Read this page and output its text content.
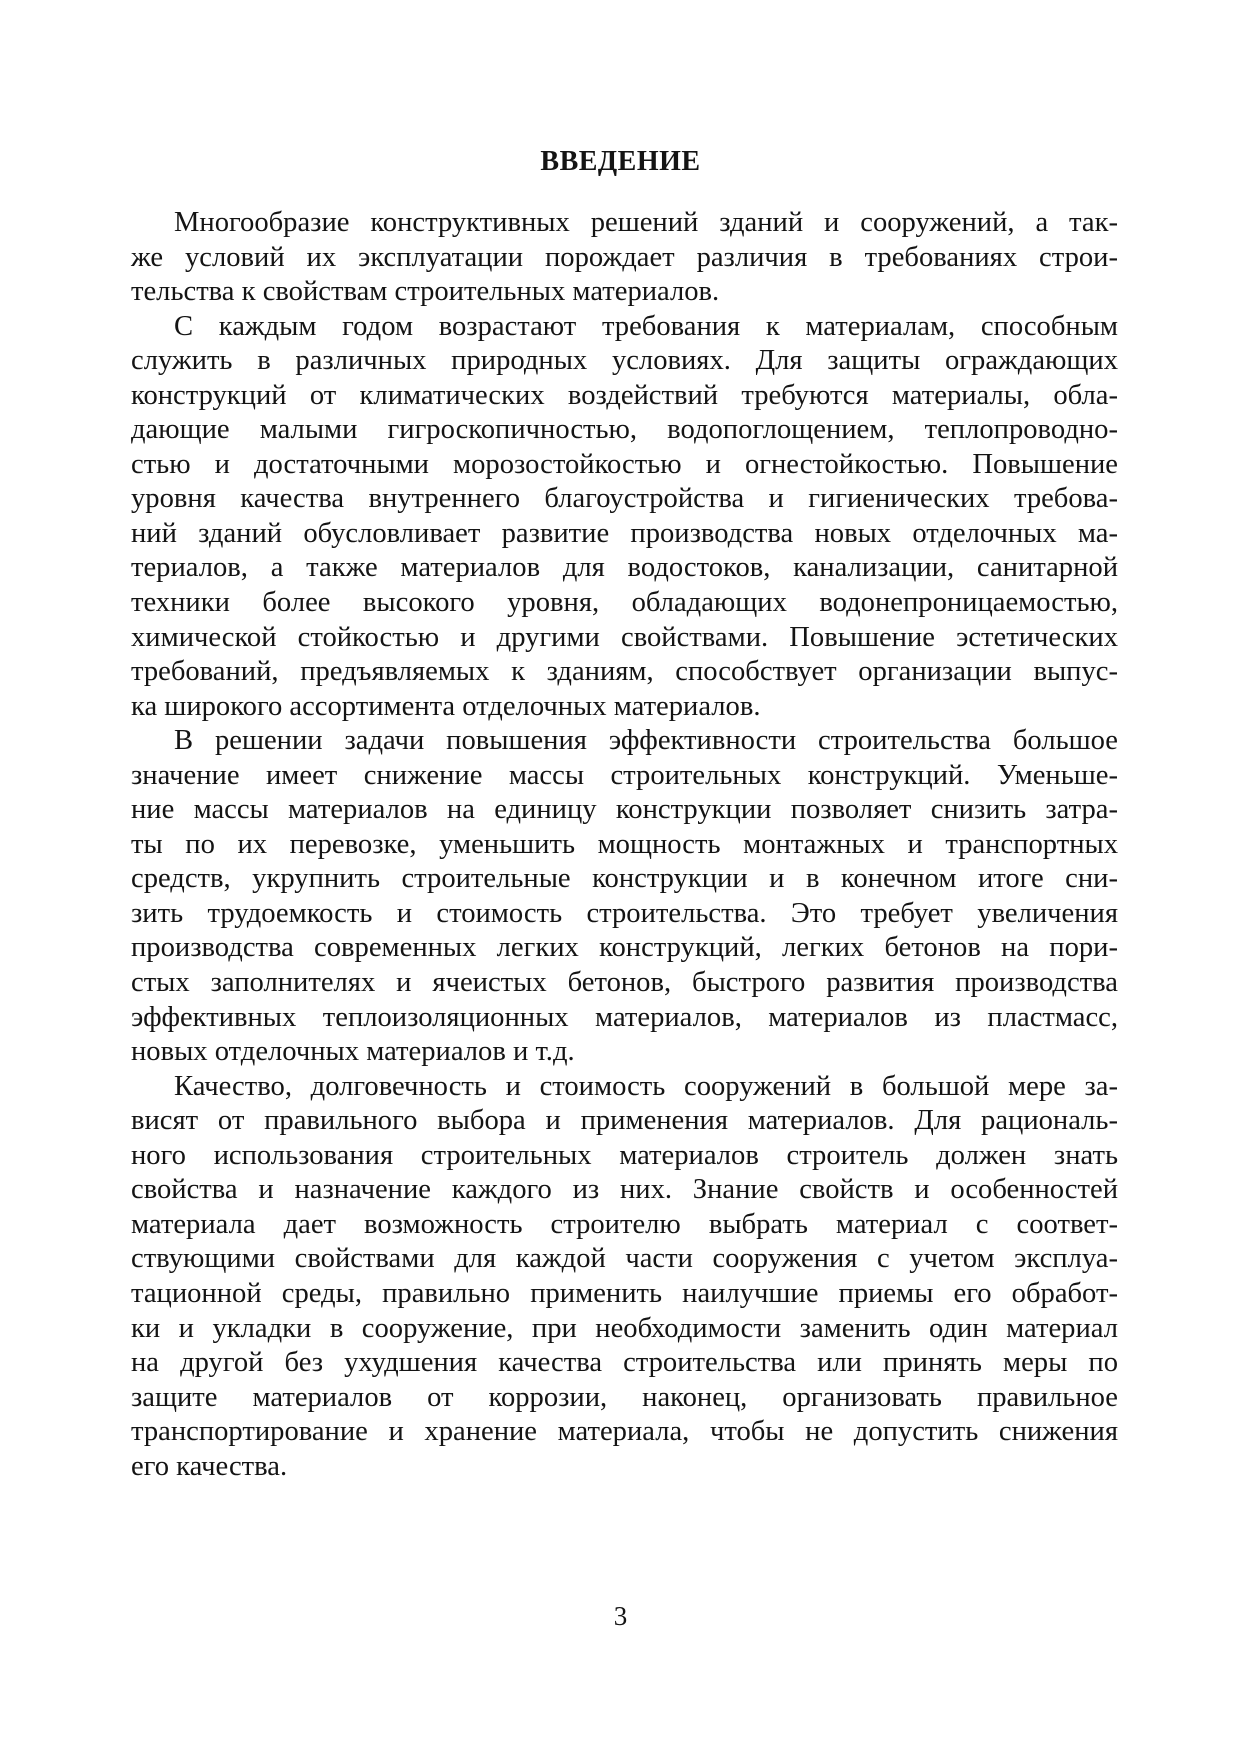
ВВЕДЕНИЕ
Многообразие конструктивных решений зданий и сооружений, а так-
же условий их эксплуатации порождает различия в требованиях строи-
тельства к свойствам строительных материалов.
С каждым годом возрастают требования к материалам, способным
служить в различных природных условиях. Для защиты ограждающих
конструкций от климатических воздействий требуются материалы, обла-
дающие малыми гигроскопичностью, водопоглощением, теплопроводно-
стью и достаточными морозостойкостью и огнестойкостью. Повышение
уровня качества внутреннего благоустройства и гигиенических требова-
ний зданий обусловливает развитие производства новых отделочных ма-
териалов, а также материалов для водостоков, канализации, санитарной
техники более высокого уровня, обладающих водонепроницаемостью,
химической стойкостью и другими свойствами. Повышение эстетических
требований, предъявляемых к зданиям, способствует организации выпус-
ка широкого ассортимента отделочных материалов.
В решении задачи повышения эффективности строительства большое
значение имеет снижение массы строительных конструкций. Уменьше-
ние массы материалов на единицу конструкции позволяет снизить затра-
ты по их перевозке, уменьшить мощность монтажных и транспортных
средств, укрупнить строительные конструкции и в конечном итоге сни-
зить трудоемкость и стоимость строительства. Это требует увеличения
производства современных легких конструкций, легких бетонов на пори-
стых заполнителях и ячеистых бетонов, быстрого развития производства
эффективных теплоизоляционных материалов, материалов из пластмасс,
новых отделочных материалов и т.д.
Качество, долговечность и стоимость сооружений в большой мере за-
висят от правильного выбора и применения материалов. Для рациональ-
ного использования строительных материалов строитель должен знать
свойства и назначение каждого из них. Знание свойств и особенностей
материала дает возможность строителю выбрать материал с соответ-
ствующими свойствами для каждой части сооружения с учетом эксплуа-
тационной среды, правильно применить наилучшие приемы его обработ-
ки и укладки в сооружение, при необходимости заменить один материал
на другой без ухудшения качества строительства или принять меры по
защите материалов от коррозии, наконец, организовать правильное
транспортирование и хранение материала, чтобы не допустить снижения
его качества.
3
